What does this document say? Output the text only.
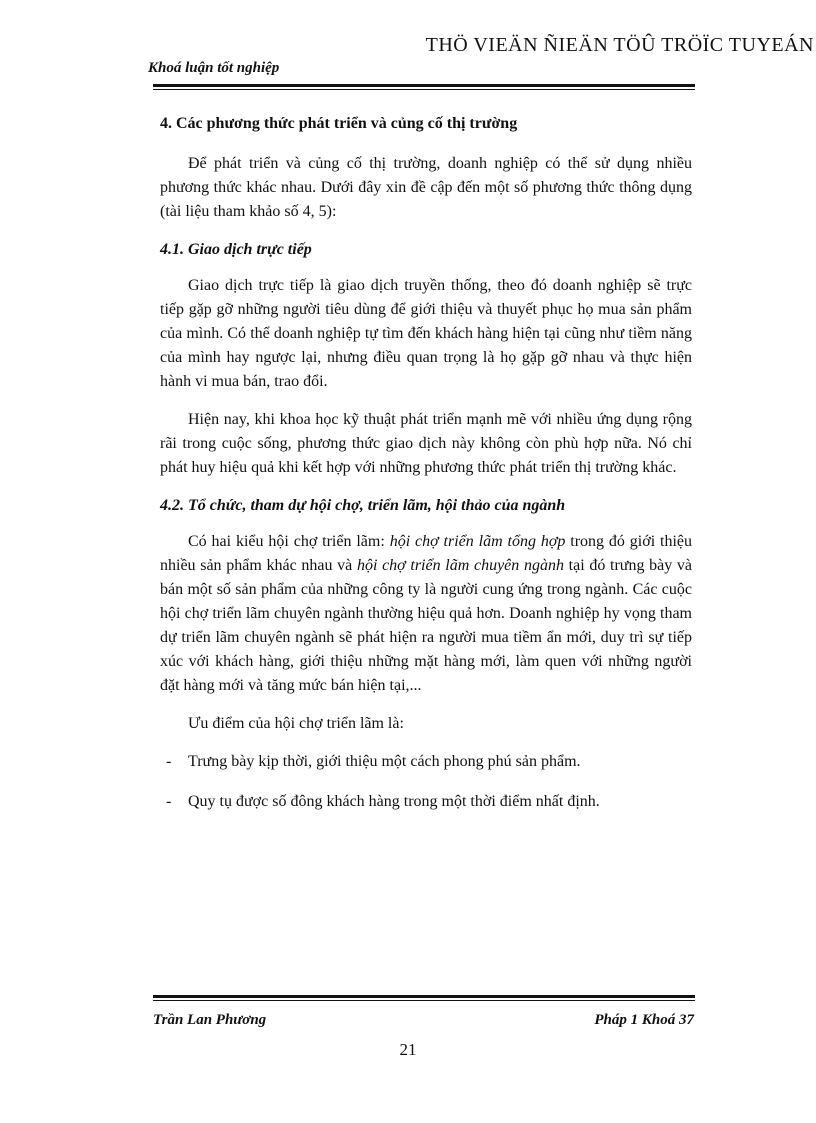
THÖ VIEÄN ÑIEÄN TÖÛ TRÖÏC TUYEÁN
Khoá luận tốt nghiệp

4. Các phương thức phát triển và củng cố thị trường

Để phát triển và củng cố thị trường, doanh nghiệp có thể sử dụng nhiều phương thức khác nhau. Dưới đây xin đề cập đến một số phương thức thông dụng (tài liệu tham khảo số 4, 5):

4.1. Giao dịch trực tiếp

Giao dịch trực tiếp là giao dịch truyền thống, theo đó doanh nghiệp sẽ trực tiếp gặp gỡ những người tiêu dùng để giới thiệu và thuyết phục họ mua sản phẩm của mình. Có thể doanh nghiệp tự tìm đến khách hàng hiện tại cũng như tiềm năng của mình hay ngược lại, nhưng điều quan trọng là họ gặp gỡ nhau và thực hiện hành vi mua bán, trao đổi.

Hiện nay, khi khoa học kỹ thuật phát triển mạnh mẽ với nhiều ứng dụng rộng rãi trong cuộc sống, phương thức giao dịch này không còn phù hợp nữa. Nó chỉ phát huy hiệu quả khi kết hợp với những phương thức phát triển thị trường khác.

4.2. Tổ chức, tham dự hội chợ, triển lãm, hội thảo của ngành

Có hai kiểu hội chợ triển lãm: hội chợ triển lãm tổng hợp trong đó giới thiệu nhiều sản phẩm khác nhau và hội chợ triển lãm chuyên ngành tại đó trưng bày và bán một số sản phẩm của những công ty là người cung ứng trong ngành. Các cuộc hội chợ triển lãm chuyên ngành thường hiệu quả hơn. Doanh nghiệp hy vọng tham dự triển lãm chuyên ngành sẽ phát hiện ra người mua tiềm ẩn mới, duy trì sự tiếp xúc với khách hàng, giới thiệu những mặt hàng mới, làm quen với những người đặt hàng mới và tăng mức bán hiện tại,...

Ưu điểm của hội chợ triển lãm là:

-	Trưng bày kịp thời, giới thiệu một cách phong phú sản phẩm.
-	Quy tụ được số đông khách hàng trong một thời điểm nhất định.
Trần Lan Phương	Pháp 1 Khoá 37
21
